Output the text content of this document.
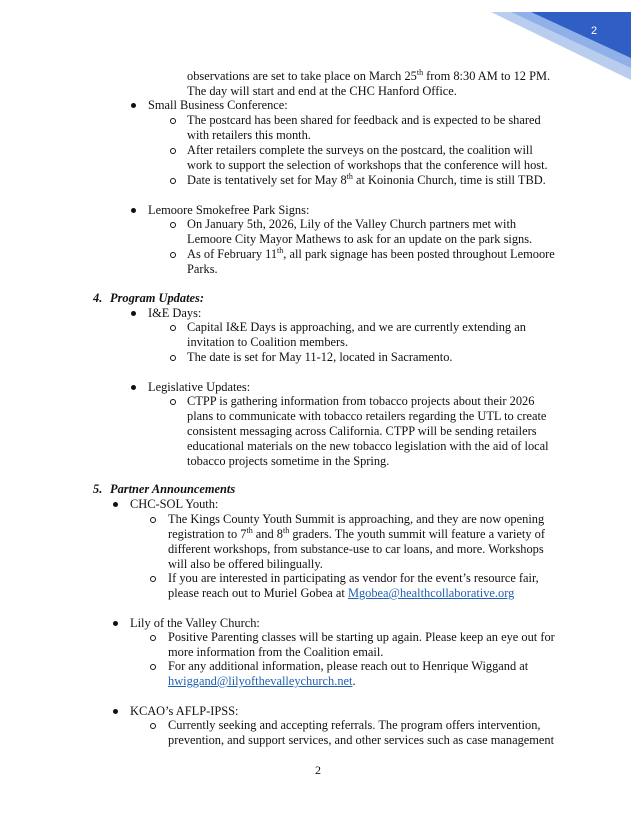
2
observations are set to take place on March 25th from 8:30 AM to 12 PM.
The day will start and end at the CHC Hanford Office.
Small Business Conference:
The postcard has been shared for feedback and is expected to be shared
with retailers this month.
After retailers complete the surveys on the postcard, the coalition will
work to support the selection of workshops that the conference will host.
Date is tentatively set for May 8th at Koinonia Church, time is still TBD.
Lemoore Smokefree Park Signs:
On January 5th, 2026, Lily of the Valley Church partners met with
Lemoore City Mayor Mathews to ask for an update on the park signs.
As of February 11th, all park signage has been posted throughout Lemoore
Parks.
4. Program Updates:
I&E Days:
Capital I&E Days is approaching, and we are currently extending an
invitation to Coalition members.
The date is set for May 11-12, located in Sacramento.
Legislative Updates:
CTPP is gathering information from tobacco projects about their 2026
plans to communicate with tobacco retailers regarding the UTL to create
consistent messaging across California. CTPP will be sending retailers
educational materials on the new tobacco legislation with the aid of local
tobacco projects sometime in the Spring.
5. Partner Announcements
CHC-SOL Youth:
The Kings County Youth Summit is approaching, and they are now opening
registration to 7th and 8th graders. The youth summit will feature a variety of
different workshops, from substance-use to car loans, and more. Workshops
will also be offered bilingually.
If you are interested in participating as vendor for the event’s resource fair,
please reach out to Muriel Gobea at Mgobea@healthcollaborative.org
Lily of the Valley Church:
Positive Parenting classes will be starting up again. Please keep an eye out for
more information from the Coalition email.
For any additional information, please reach out to Henrique Wiggand at
hwiggand@lilyofthevalleychurch.net.
KCAO’s AFLP-IPSS:
Currently seeking and accepting referrals. The program offers intervention,
prevention, and support services, and other services such as case management
2
